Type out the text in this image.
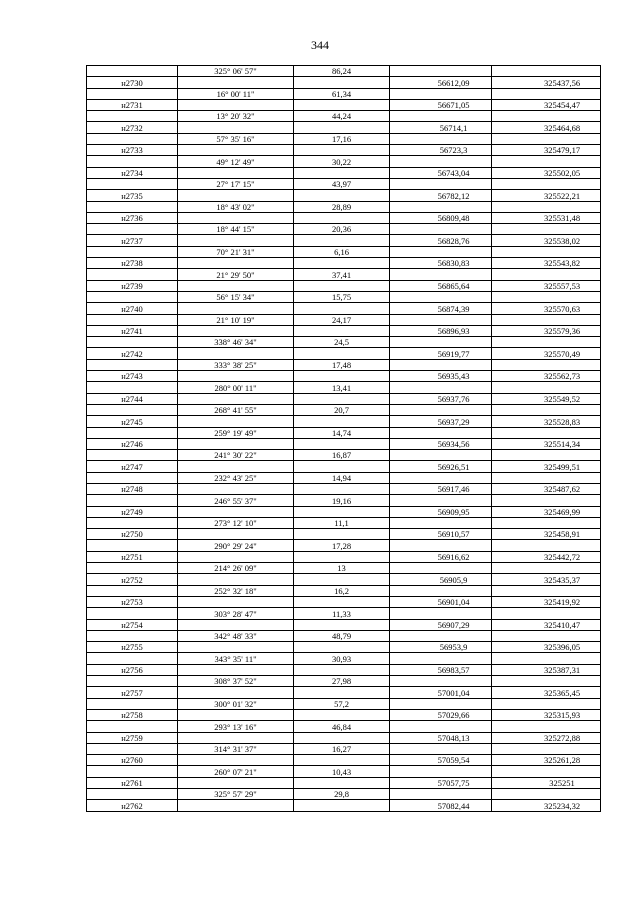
344
	325° 06' 57"	86,24		
н2730			56612,09	325437,56
	16° 00' 11"	61,34		
н2731			56671,05	325454,47
	13° 20' 32"	44,24		
н2732			56714,1	325464,68
	57° 35' 16"	17,16		
н2733			56723,3	325479,17
	49° 12' 49"	30,22		
н2734			56743,04	325502,05
	27° 17' 15"	43,97		
н2735			56782,12	325522,21
	18° 43' 02"	28,89		
н2736			56809,48	325531,48
	18° 44' 15"	20,36		
н2737			56828,76	325538,02
	70° 21' 31"	6,16		
н2738			56830,83	325543,82
	21° 29' 50"	37,41		
н2739			56865,64	325557,53
	56° 15' 34"	15,75		
н2740			56874,39	325570,63
	21° 10' 19"	24,17		
н2741			56896,93	325579,36
	338° 46' 34"	24,5		
н2742			56919,77	325570,49
	333° 38' 25"	17,48		
н2743			56935,43	325562,73
	280° 00' 11"	13,41		
н2744			56937,76	325549,52
	268° 41' 55"	20,7		
н2745			56937,29	325528,83
	259° 19' 49"	14,74		
н2746			56934,56	325514,34
	241° 30' 22"	16,87		
н2747			56926,51	325499,51
	232° 43' 25"	14,94		
н2748			56917,46	325487,62
	246° 55' 37"	19,16		
н2749			56909,95	325469,99
	273° 12' 10"	11,1		
н2750			56910,57	325458,91
	290° 29' 24"	17,28		
н2751			56916,62	325442,72
	214° 26' 09"	13		
н2752			56905,9	325435,37
	252° 32' 18"	16,2		
н2753			56901,04	325419,92
	303° 28' 47"	11,33		
н2754			56907,29	325410,47
	342° 48' 33"	48,79		
н2755			56953,9	325396,05
	343° 35' 11"	30,93		
н2756			56983,57	325387,31
	308° 37' 52"	27,98		
н2757			57001,04	325365,45
	300° 01' 32"	57,2		
н2758			57029,66	325315,93
	293° 13' 16"	46,84		
н2759			57048,13	325272,88
	314° 31' 37"	16,27		
н2760			57059,54	325261,28
	260° 07' 21"	10,43		
н2761			57057,75	325251
	325° 57' 29"	29,8		
н2762			57082,44	325234,32
